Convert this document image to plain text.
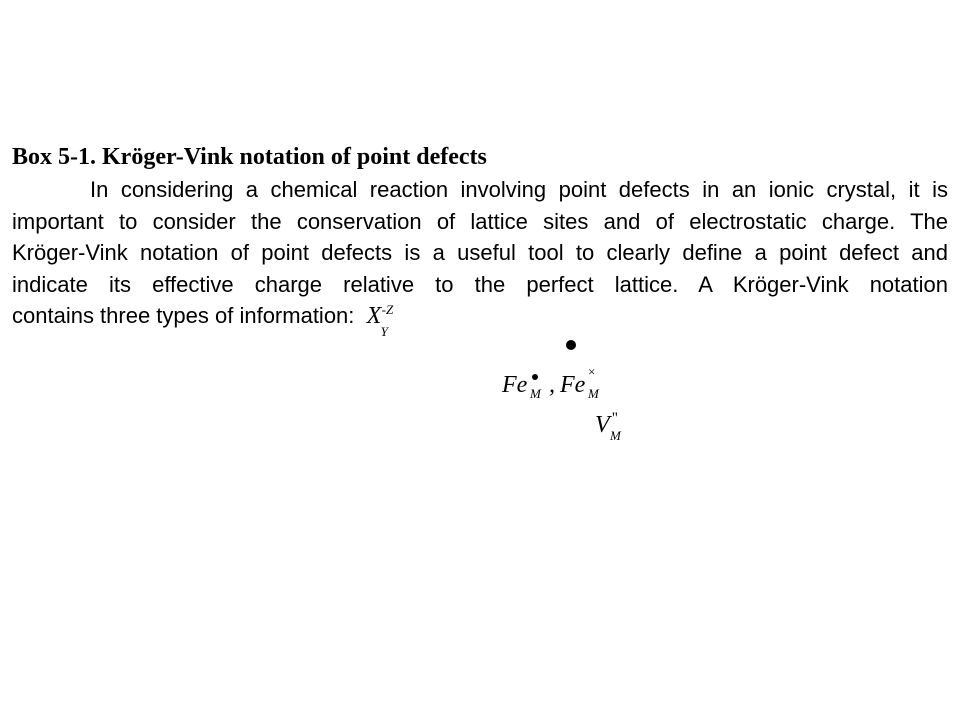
Box 5-1. Kröger-Vink notation of point defects
In considering a chemical reaction involving point defects in an ionic crystal, it is
important to consider the conservation of lattice sites and of electrostatic charge. The
Kröger-Vink notation of point defects is a useful tool to clearly define a point defect and
indicate its effective charge relative to the perfect lattice. A Kröger-Vink notation
contains three types of information: X
Y
-Z
Fe M , Fe
×
M
V ''
M
